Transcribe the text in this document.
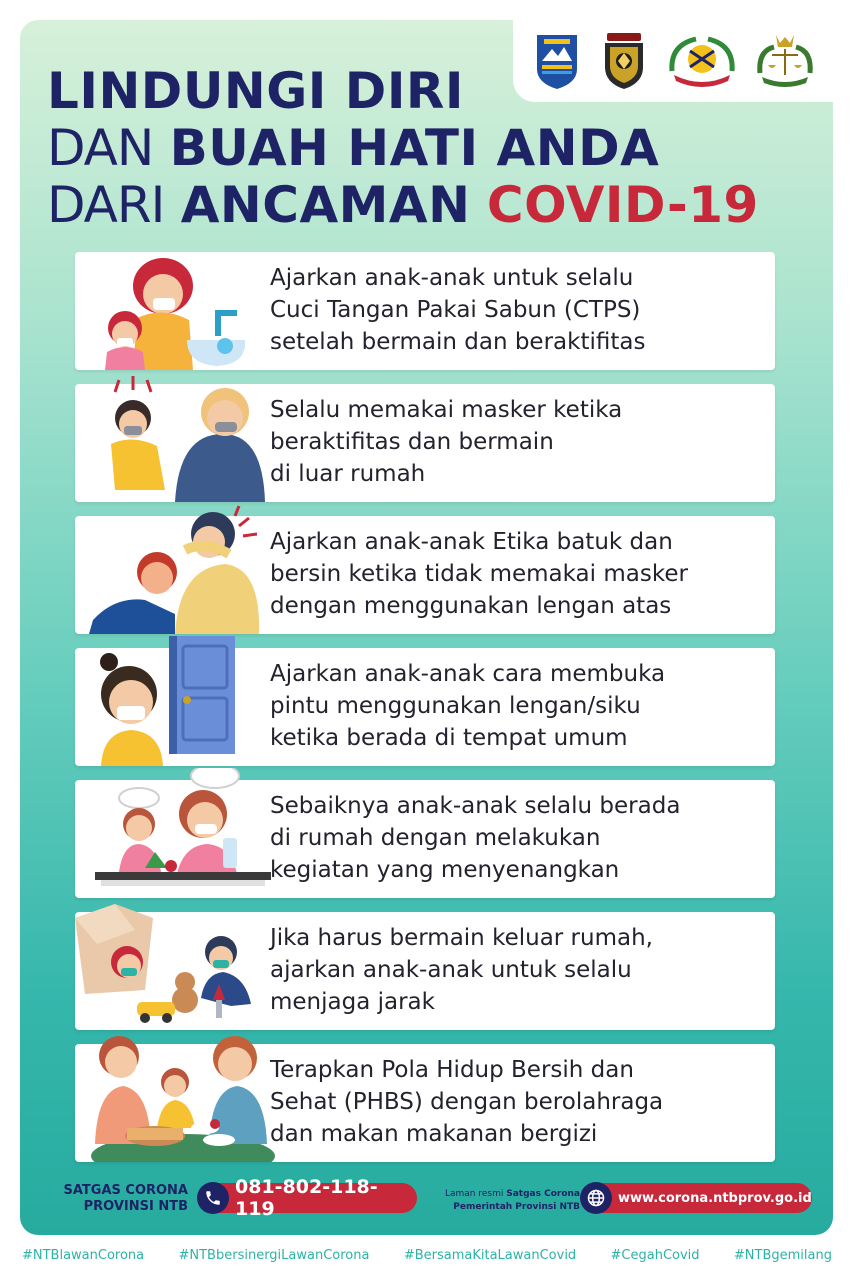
LINDUNGI DIRI
DAN BUAH HATI ANDA
DARI ANCAMAN COVID-19
Ajarkan anak-anak untuk selalu
Cuci Tangan Pakai Sabun (CTPS)
setelah bermain dan beraktifitas
Selalu memakai masker ketika
beraktifitas dan bermain
di luar rumah
Ajarkan anak-anak Etika batuk dan
bersin ketika tidak memakai masker
dengan menggunakan lengan atas
Ajarkan anak-anak cara membuka
pintu menggunakan lengan/siku
ketika berada di tempat umum
Sebaiknya anak-anak selalu berada
di rumah dengan melakukan
kegiatan yang menyenangkan
Jika harus bermain keluar rumah,
ajarkan anak-anak untuk selalu
menjaga jarak
Terapkan Pola Hidup Bersih dan
Sehat (PHBS) dengan berolahraga
dan makan makanan bergizi
SATGAS CORONA
PROVINSI NTB
081-802-118-119
Laman resmi Satgas Corona
Pemerintah Provinsi NTB
www.corona.ntbprov.go.id
#NTBlawanCorona	#NTBbersinergiLawanCorona	#BersamaKitaLawanCovid	#CegahCovid	#NTBgemilang
